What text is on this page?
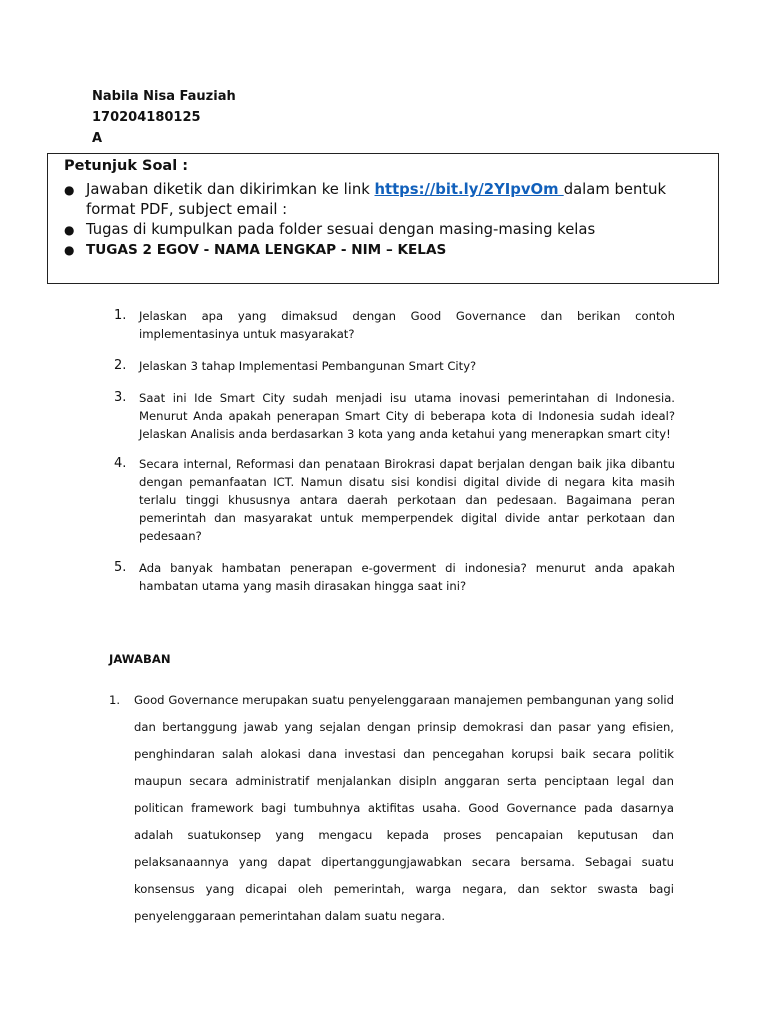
Nabila Nisa Fauziah
170204180125
A
Petunjuk Soal :
● Jawaban diketik dan dikirimkan ke link https://bit.ly/2YIpvOm dalam bentuk format PDF, subject email :
● Tugas di kumpulkan pada folder sesuai dengan masing-masing kelas
● TUGAS 2 EGOV - NAMA LENGKAP - NIM – KELAS
1. Jelaskan apa yang dimaksud dengan Good Governance dan berikan contoh implementasinya untuk masyarakat?
2. Jelaskan 3 tahap Implementasi Pembangunan Smart City?
3. Saat ini Ide Smart City sudah menjadi isu utama inovasi pemerintahan di Indonesia. Menurut Anda apakah penerapan Smart City di beberapa kota di Indonesia sudah ideal? Jelaskan Analisis anda berdasarkan 3 kota yang anda ketahui yang menerapkan smart city!
4. Secara internal, Reformasi dan penataan Birokrasi dapat berjalan dengan baik jika dibantu dengan pemanfaatan ICT. Namun disatu sisi kondisi digital divide di negara kita masih terlalu tinggi khususnya antara daerah perkotaan dan pedesaan. Bagaimana peran pemerintah dan masyarakat untuk memperpendek digital divide antar perkotaan dan pedesaan?
5. Ada banyak hambatan penerapan e-goverment di indonesia? menurut anda apakah hambatan utama yang masih dirasakan hingga saat ini?
JAWABAN
1. Good Governance merupakan suatu penyelenggaraan manajemen pembangunan yang solid dan bertanggung jawab yang sejalan dengan prinsip demokrasi dan pasar yang efisien, penghindaran salah alokasi dana investasi dan pencegahan korupsi baik secara politik maupun secara administratif menjalankan disipln anggaran serta penciptaan legal dan politican framework bagi tumbuhnya aktifitas usaha. Good Governance pada dasarnya adalah suatukonsep yang mengacu kepada proses pencapaian keputusan dan pelaksanaannya yang dapat dipertanggungjawabkan secara bersama. Sebagai suatu konsensus yang dicapai oleh pemerintah, warga negara, dan sektor swasta bagi penyelenggaraan pemerintahan dalam suatu negara.
